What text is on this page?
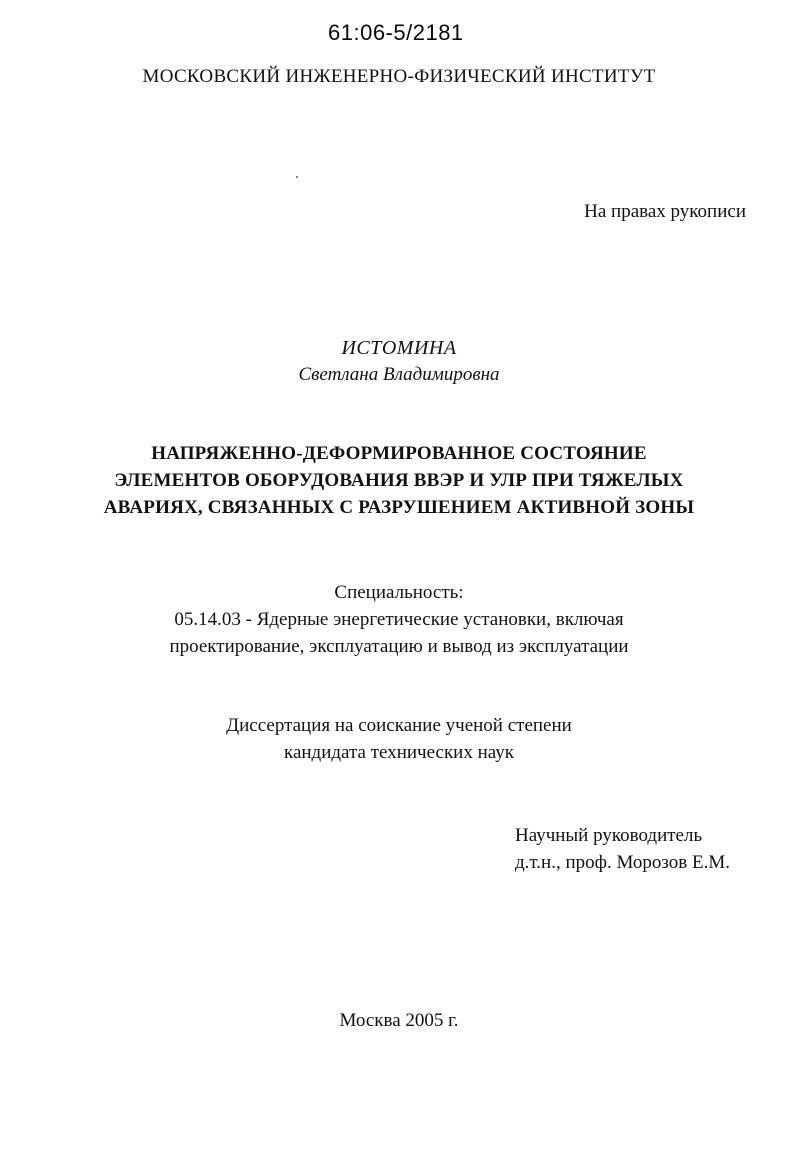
61:06-5/2181
МОСКОВСКИЙ ИНЖЕНЕРНО-ФИЗИЧЕСКИЙ ИНСТИТУТ
На правах рукописи
ИСТОМИНА
Светлана Владимировна
НАПРЯЖЕННО-ДЕФОРМИРОВАННОЕ СОСТОЯНИЕ
ЭЛЕМЕНТОВ ОБОРУДОВАНИЯ ВВЭР И УЛР ПРИ ТЯЖЕЛЫХ
АВАРИЯХ, СВЯЗАННЫХ С РАЗРУШЕНИЕМ АКТИВНОЙ ЗОНЫ
Специальность:
05.14.03 - Ядерные энергетические установки, включая
проектирование, эксплуатацию и вывод из эксплуатации
Диссертация на соискание ученой степени
кандидата технических наук
Научный руководитель
д.т.н., проф. Морозов Е.М.
Москва 2005 г.
